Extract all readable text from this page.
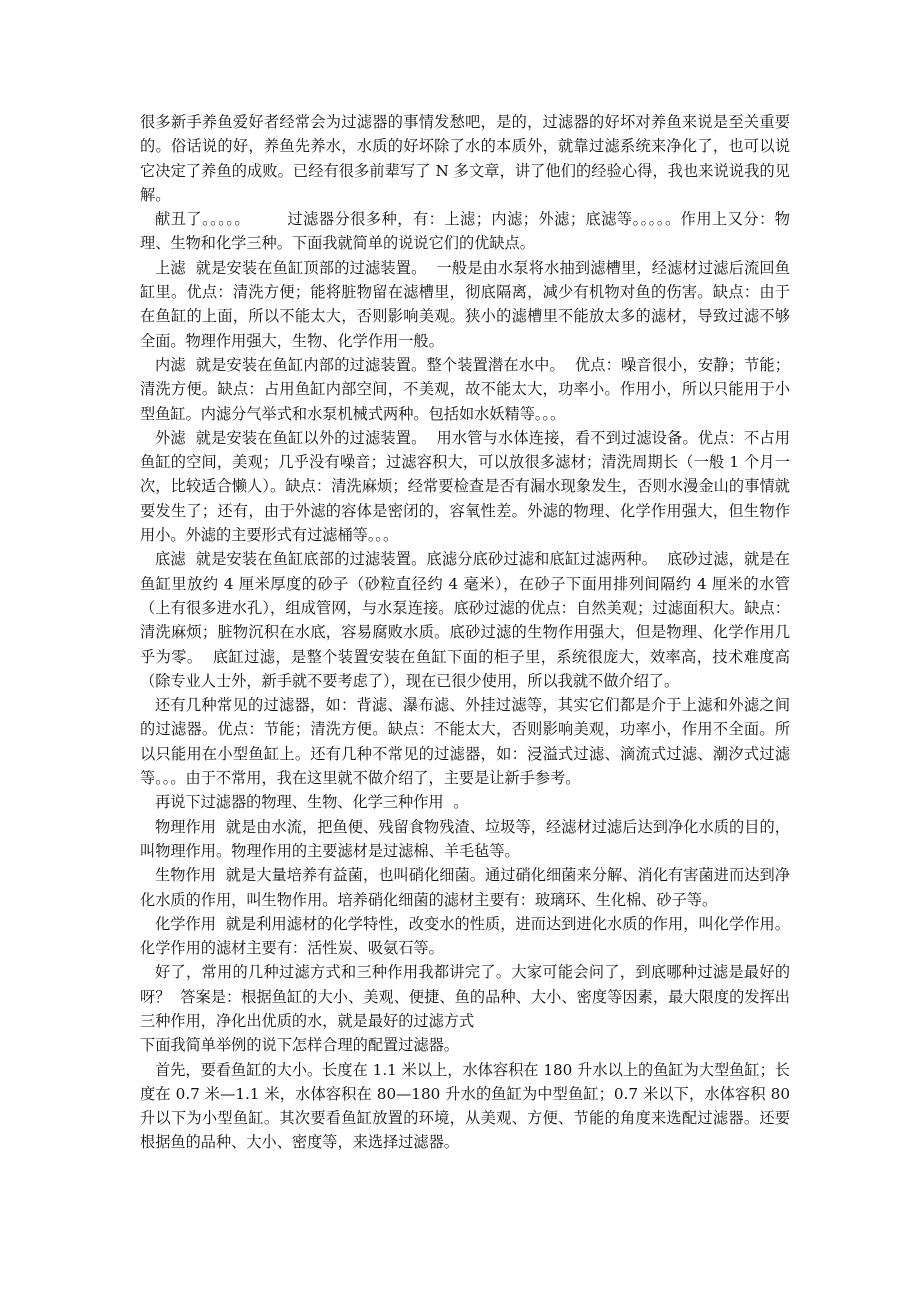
很多新手养鱼爱好者经常会为过滤器的事情发愁吧，是的，过滤器的好坏对养鱼来说是至关重要的。俗话说的好，养鱼先养水，水质的好坏除了水的本质外，就靠过滤系统来净化了，也可以说它决定了养鱼的成败。已经有很多前辈写了 N 多文章，讲了他们的经验心得，我也来说说我的见解。

献丑了。。。。。       过滤器分很多种，有：上滤；内滤；外滤；底滤等。。。。。作用上又分：物理、生物和化学三种。下面我就简单的说说它们的优缺点。

上滤  就是安装在鱼缸顶部的过滤装置。  一般是由水泵将水抽到滤槽里，经滤材过滤后流回鱼缸里。优点：清洗方便；能将脏物留在滤槽里，彻底隔离，减少有机物对鱼的伤害。缺点：由于在鱼缸的上面，所以不能太大，否则影响美观。狭小的滤槽里不能放太多的滤材，导致过滤不够全面。物理作用强大，生物、化学作用一般。

内滤  就是安装在鱼缸内部的过滤装置。整个装置潜在水中。  优点：噪音很小，安静；节能；清洗方便。缺点：占用鱼缸内部空间，不美观，故不能太大，功率小。作用小，所以只能用于小型鱼缸。内滤分气举式和水泵机械式两种。包括如水妖精等。。。

外滤  就是安装在鱼缸以外的过滤装置。  用水管与水体连接，看不到过滤设备。优点：不占用鱼缸的空间，美观；几乎没有噪音；过滤容积大，可以放很多滤材；清洗周期长（一般 1 个月一次，比较适合懒人）。缺点：清洗麻烦；经常要检查是否有漏水现象发生，否则水漫金山的事情就要发生了；还有，由于外滤的容体是密闭的，容氧性差。外滤的物理、化学作用强大，但生物作用小。外滤的主要形式有过滤桶等。。。

底滤  就是安装在鱼缸底部的过滤装置。底滤分底砂过滤和底缸过滤两种。  底砂过滤，就是在鱼缸里放约 4 厘米厚度的砂子（砂粒直径约 4 毫米），在砂子下面用排列间隔约 4 厘米的水管（上有很多进水孔），组成管网，与水泵连接。底砂过滤的优点：自然美观；过滤面积大。缺点：清洗麻烦；脏物沉积在水底，容易腐败水质。底砂过滤的生物作用强大，但是物理、化学作用几乎为零。  底缸过滤，是整个装置安装在鱼缸下面的柜子里，系统很庞大，效率高，技术难度高（除专业人士外，新手就不要考虑了），现在已很少使用，所以我就不做介绍了。

还有几种常见的过滤器，如：背滤、瀑布滤、外挂过滤等，其实它们都是介于上滤和外滤之间的过滤器。优点：节能；清洗方便。缺点：不能太大，否则影响美观，功率小，作用不全面。所以只能用在小型鱼缸上。还有几种不常见的过滤器，如：浸溢式过滤、滴流式过滤、潮汐式过滤等。。。由于不常用，我在这里就不做介绍了，主要是让新手参考。

再说下过滤器的物理、生物、化学三种作用  。

物理作用  就是由水流，把鱼便、残留食物残渣、垃圾等，经滤材过滤后达到净化水质的目的，叫物理作用。物理作用的主要滤材是过滤棉、羊毛毡等。

生物作用  就是大量培养有益菌，也叫硝化细菌。通过硝化细菌来分解、消化有害菌进而达到净化水质的作用，叫生物作用。培养硝化细菌的滤材主要有：玻璃环、生化棉、砂子等。

化学作用  就是利用滤材的化学特性，改变水的性质，进而达到进化水质的作用，叫化学作用。化学作用的滤材主要有：活性炭、吸氨石等。

好了，常用的几种过滤方式和三种作用我都讲完了。大家可能会问了，到底哪种过滤是最好的呀？  答案是：根据鱼缸的大小、美观、便捷、鱼的品种、大小、密度等因素，最大限度的发挥出三种作用，净化出优质的水，就是最好的过滤方式

下面我简单举例的说下怎样合理的配置过滤器。

首先，要看鱼缸的大小。长度在 1.1 米以上，水体容积在 180 升水以上的鱼缸为大型鱼缸；长度在 0.7 米—1.1 米，水体容积在 80—180 升水的鱼缸为中型鱼缸；0.7 米以下，水体容积 80 升以下为小型鱼缸。其次要看鱼缸放置的环境，从美观、方便、节能的角度来选配过滤器。还要根据鱼的品种、大小、密度等，来选择过滤器。
